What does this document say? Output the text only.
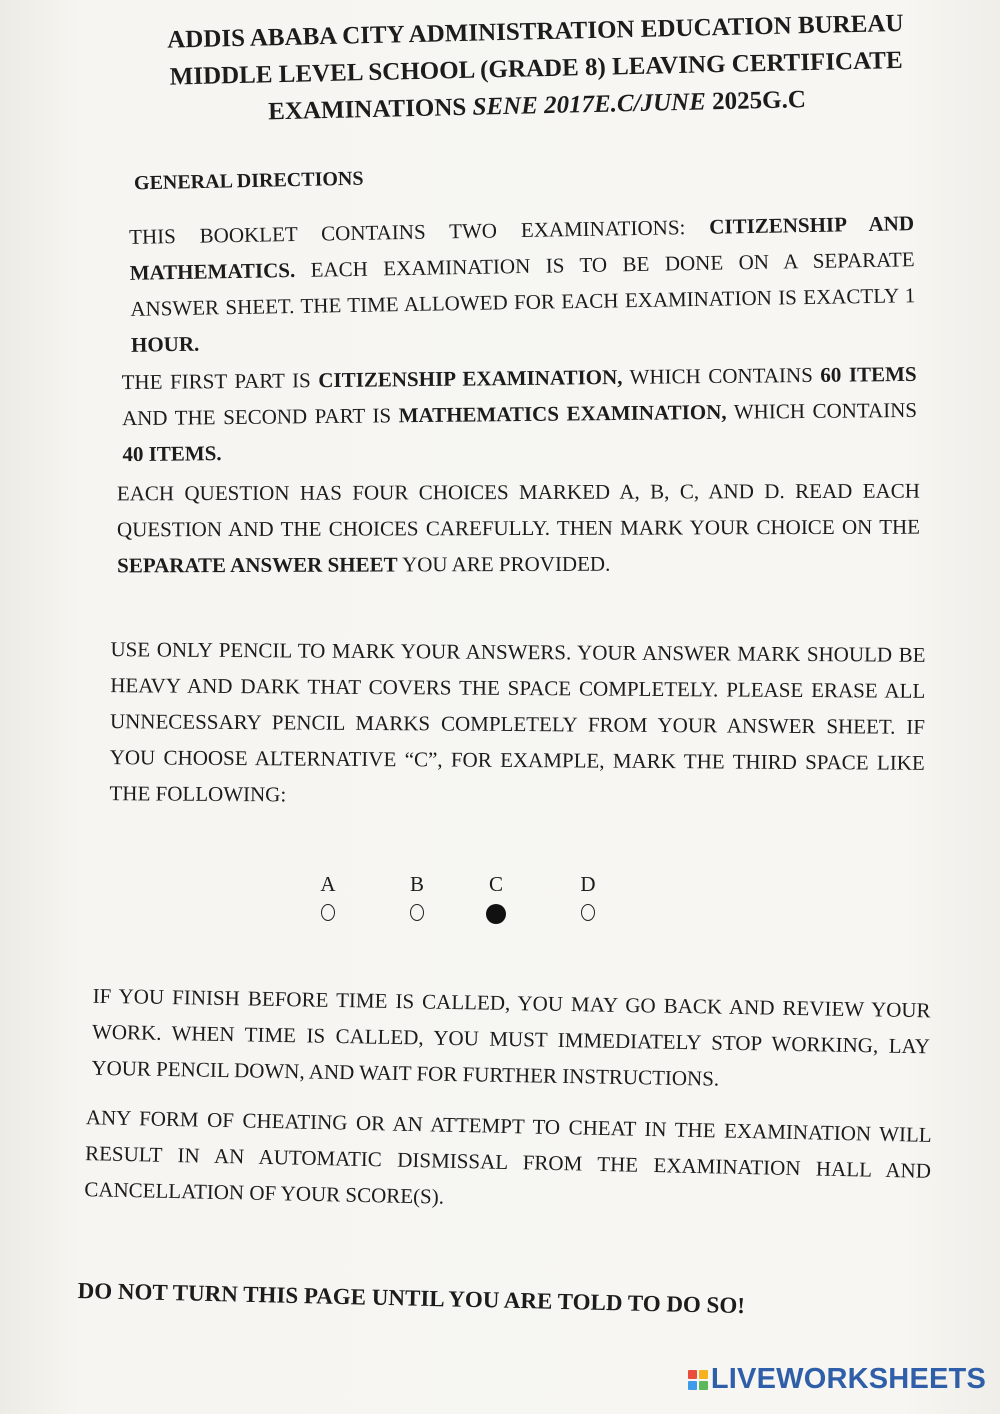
ADDIS ABABA CITY ADMINISTRATION EDUCATION BUREAU
MIDDLE LEVEL SCHOOL (GRADE 8) LEAVING CERTIFICATE
EXAMINATIONS SENE 2017E.C/JUNE 2025G.C
GENERAL DIRECTIONS
THIS BOOKLET CONTAINS TWO EXAMINATIONS: CITIZENSHIP AND MATHEMATICS. EACH EXAMINATION IS TO BE DONE ON A SEPARATE ANSWER SHEET. THE TIME ALLOWED FOR EACH EXAMINATION IS EXACTLY 1 HOUR.
THE FIRST PART IS CITIZENSHIP EXAMINATION, WHICH CONTAINS 60 ITEMS AND THE SECOND PART IS MATHEMATICS EXAMINATION, WHICH CONTAINS 40 ITEMS.
EACH QUESTION HAS FOUR CHOICES MARKED A, B, C, AND D. READ EACH QUESTION AND THE CHOICES CAREFULLY. THEN MARK YOUR CHOICE ON THE SEPARATE ANSWER SHEET YOU ARE PROVIDED.
USE ONLY PENCIL TO MARK YOUR ANSWERS. YOUR ANSWER MARK SHOULD BE HEAVY AND DARK THAT COVERS THE SPACE COMPLETELY. PLEASE ERASE ALL UNNECESSARY PENCIL MARKS COMPLETELY FROM YOUR ANSWER SHEET. IF YOU CHOOSE ALTERNATIVE “C”, FOR EXAMPLE, MARK THE THIRD SPACE LIKE THE FOLLOWING:
A	B	C	D
IF YOU FINISH BEFORE TIME IS CALLED, YOU MAY GO BACK AND REVIEW YOUR WORK. WHEN TIME IS CALLED, YOU MUST IMMEDIATELY STOP WORKING, LAY YOUR PENCIL DOWN, AND WAIT FOR FURTHER INSTRUCTIONS.
ANY FORM OF CHEATING OR AN ATTEMPT TO CHEAT IN THE EXAMINATION WILL RESULT IN AN AUTOMATIC DISMISSAL FROM THE EXAMINATION HALL AND CANCELLATION OF YOUR SCORE(S).
DO NOT TURN THIS PAGE UNTIL YOU ARE TOLD TO DO SO!
LIVEWORKSHEETS
